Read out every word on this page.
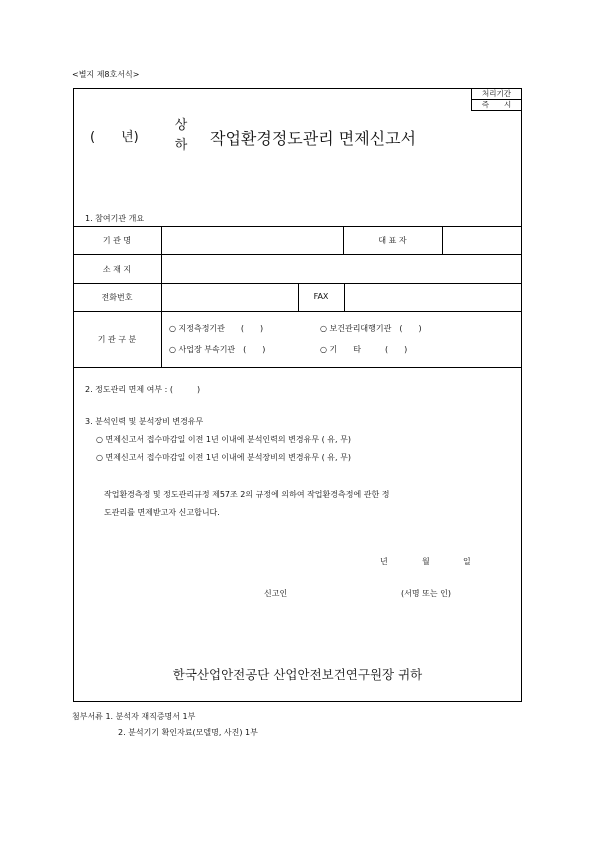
<별지 제8호서식>
처리기간
즉　　시
(　　년)
상
하 작업환경정도관리 면제신고서
1. 참여기관 개요
기 관 명	대 표 자
소 재 지
전화번호	FAX
기 관 구 분
○ 지정측정기관　　(　　)	○ 보건관리대행기관　(　　)
○ 사업장 부속기관　(　　)	○ 기　　타　　　(　　)
2. 정도관리 면제 여부 : (　　　)
3. 분석인력 및 분석장비 변경유무
○ 면제신고서 접수마감일 이전 1년 이내에 분석인력의 변경유무 ( 유, 무)
○ 면제신고서 접수마감일 이전 1년 이내에 분석장비의 변경유무 ( 유, 무)
작업환경측정 및 정도관리규정 제57조 2의 규정에 의하여 작업환경측정에 관한 정
도관리를 면제받고자 신고합니다.
년	월	일
신고인	(서명 또는 인)
한국산업안전공단 산업안전보건연구원장 귀하
첨부서류 1. 분석자 재직증명서 1부
2. 분석기기 확인자료(모델명, 사진) 1부
